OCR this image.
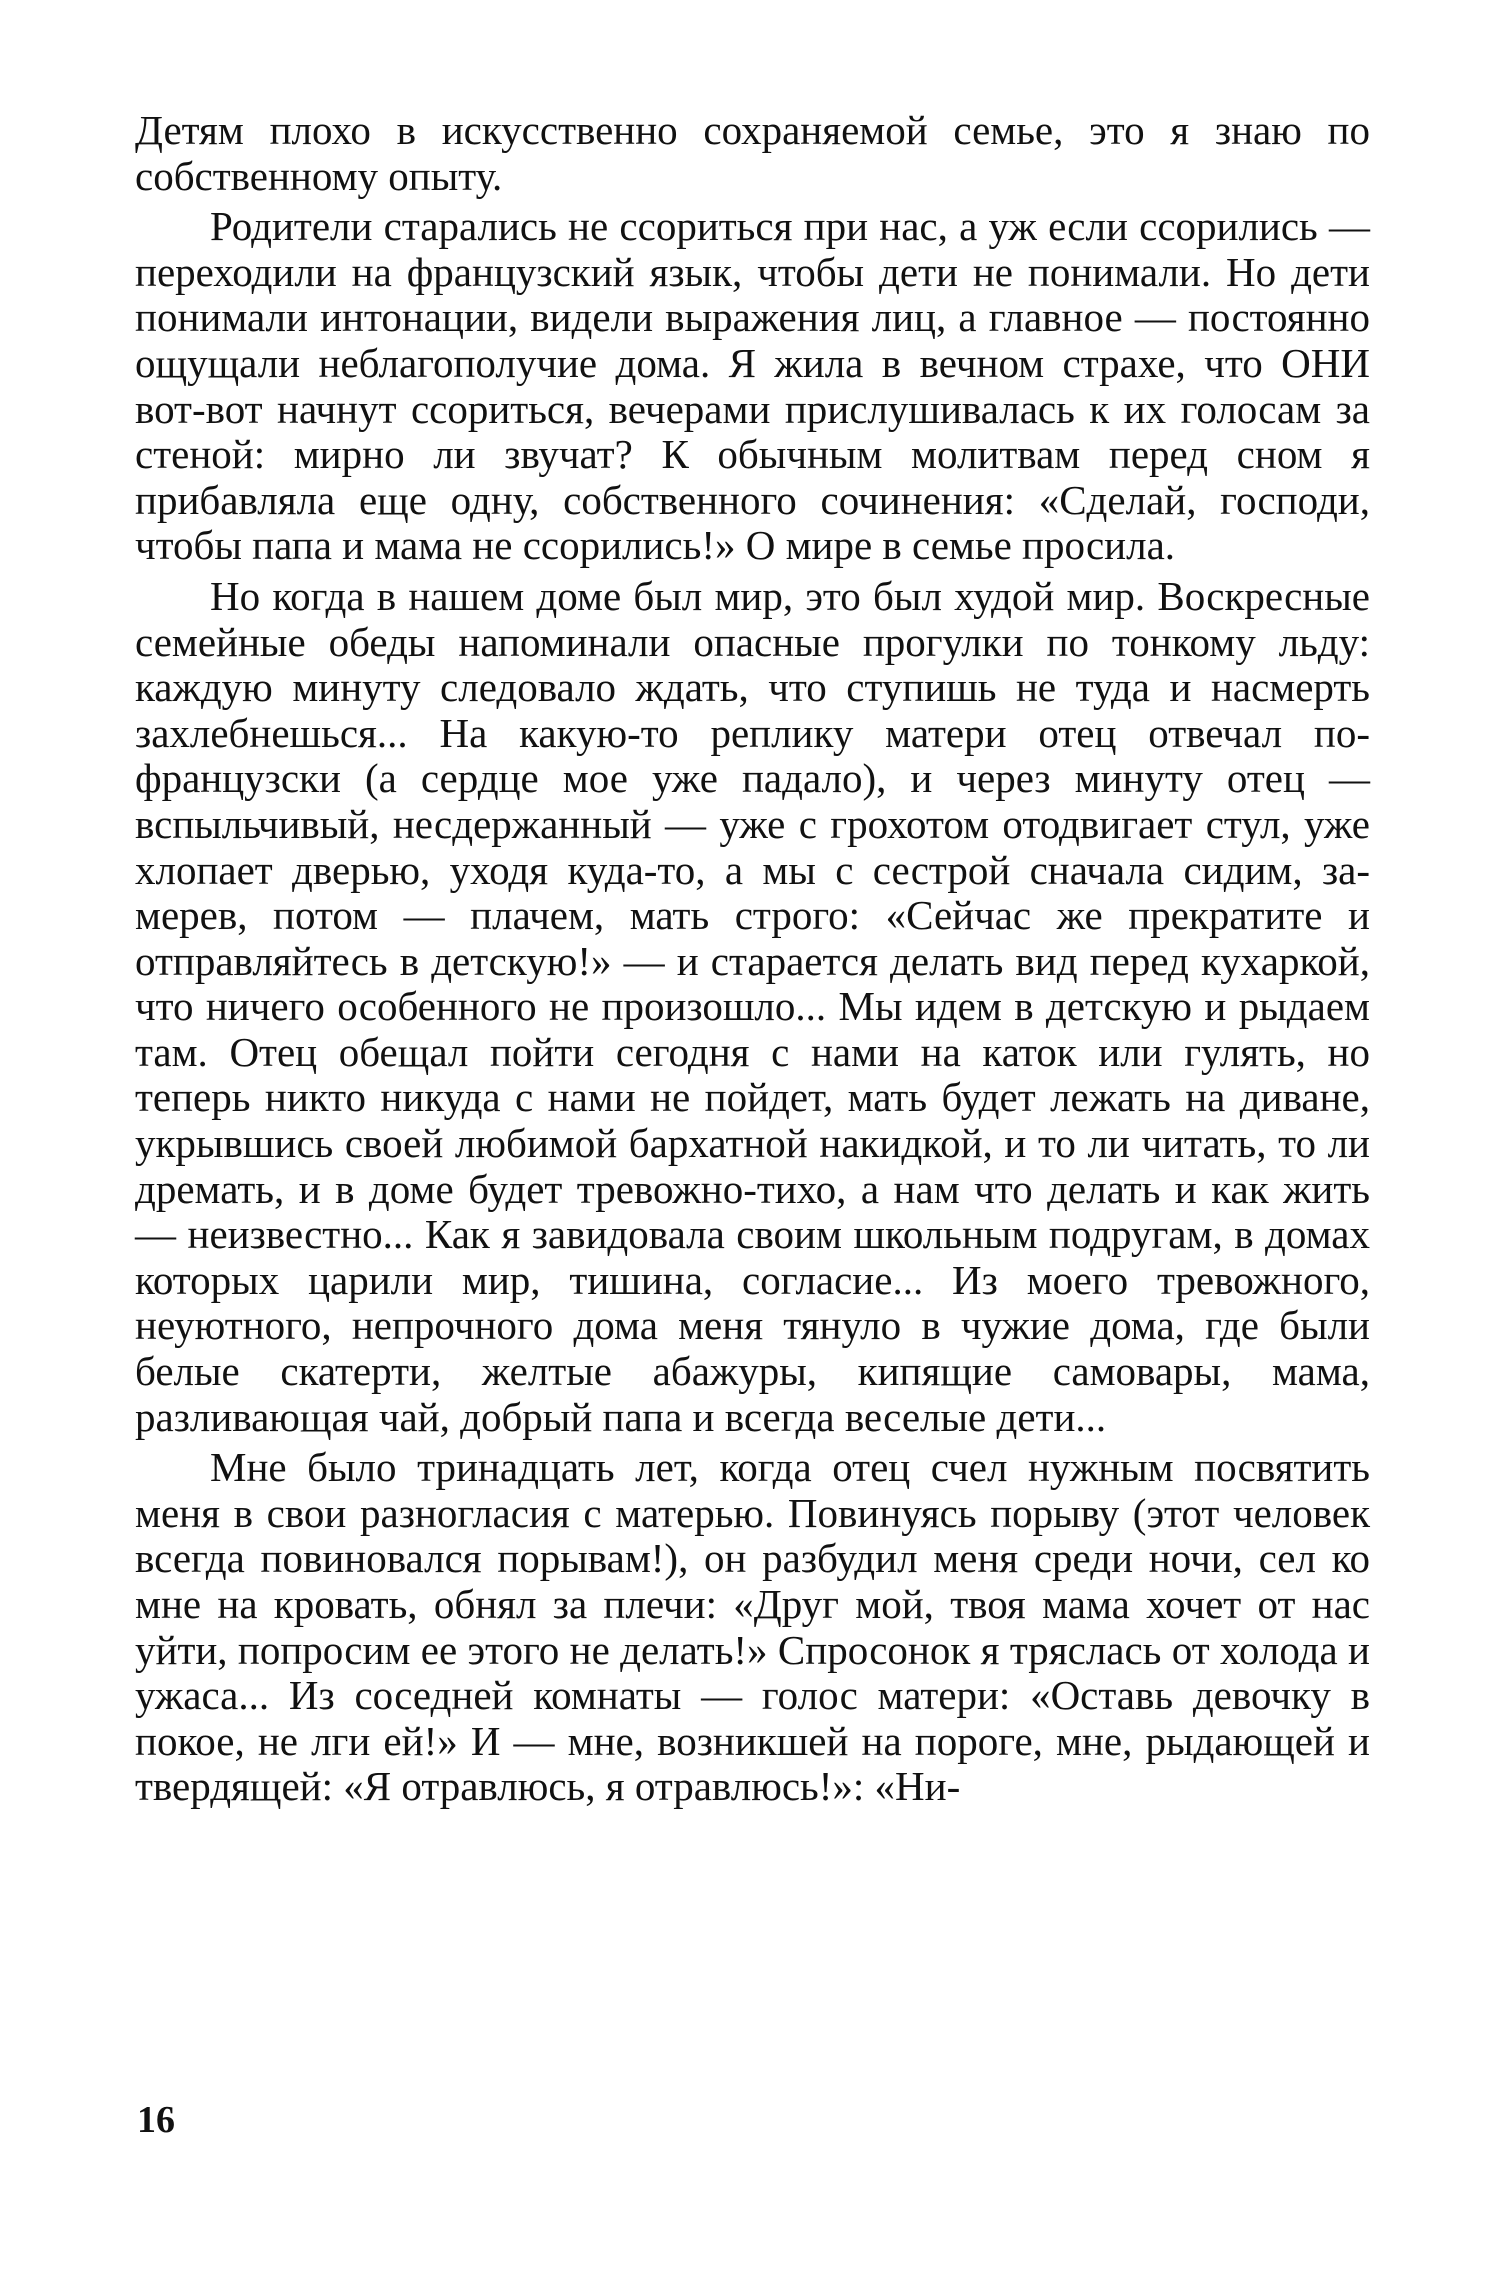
Детям плохо в искусственно сохраняемой семье, это я знаю по собственному опыту.

Родители старались не ссориться при нас, а уж если ссорились — переходили на французский язык, чтобы дети не понимали. Но дети понимали интонации, видели выражения лиц, а главное — постоянно ощущали неблагополучие дома. Я жила в вечном страхе, что ОНИ вот-вот начнут ссориться, вечерами прислушивалась к их голосам за стеной: мирно ли звучат? К обычным молитвам перед сном я прибавляла еще одну, собственного сочинения: «Сделай, господи, чтобы папа и мама не ссорились!» О мире в семье просила.

Но когда в нашем доме был мир, это был худой мир. Воскресные семейные обеды напоминали опасные прогулки по тонкому льду: каждую минуту следовало ждать, что ступишь не туда и насмерть захлебнешься... На какую-то реплику матери отец отвечал по-французски (а сердце мое уже падало), и через минуту отец — вспыльчивый, несдержанный — уже с грохотом отодвигает стул, уже хлопает дверью, уходя куда-то, а мы с сестрой сначала сидим, замерев, потом — плачем, мать строго: «Сейчас же прекратите и отправляйтесь в детскую!» — и старается делать вид перед кухаркой, что ничего особенного не произошло... Мы идем в детскую и рыдаем там. Отец обещал пойти сегодня с нами на каток или гулять, но теперь никто никуда с нами не пойдет, мать будет лежать на диване, укрывшись своей любимой бархатной накидкой, и то ли читать, то ли дремать, и в доме будет тревожно-тихо, а нам что делать и как жить — неизвестно... Как я завидовала своим школьным подругам, в домах которых царили мир, тишина, согласие... Из моего тревожного, неуютного, непрочного дома меня тянуло в чужие дома, где были белые скатерти, желтые абажуры, кипящие самовары, мама, разливающая чай, добрый папа и всегда веселые дети...

Мне было тринадцать лет, когда отец счел нужным посвятить меня в свои разногласия с матерью. Повинуясь порыву (этот человек всегда повиновался порывам!), он разбудил меня среди ночи, сел ко мне на кровать, обнял за плечи: «Друг мой, твоя мама хочет от нас уйти, попросим ее этого не делать!» Спросонок я тряслась от холода и ужаса... Из соседней комнаты — голос матери: «Оставь девочку в покое, не лги ей!» И — мне, возникшей на пороге, мне, рыдающей и твердящей: «Я отравлюсь, я отравлюсь!»: «Ни-

16
